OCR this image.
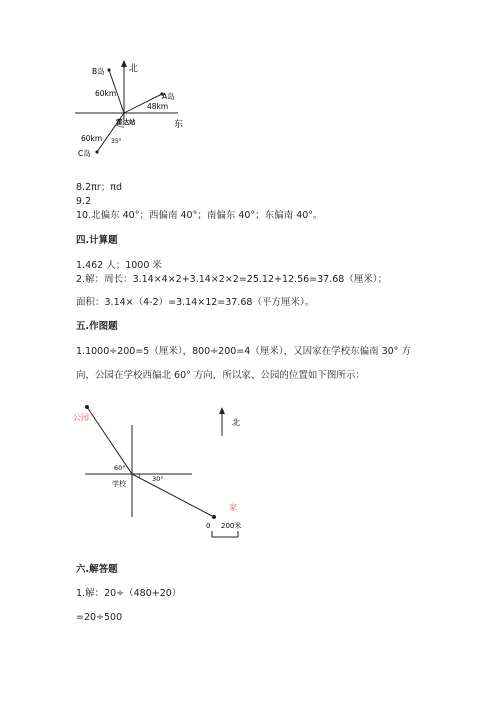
北
东
B岛
A岛
C岛
60km
48km
60km
雷达站
35°
8.2πr；πd
9.2
10.北偏东 40°；西偏南 40°；南偏东 40°；东偏南 40°。
四.计算题
1.462 人；1000 米
2.解：周长：3.14×4×2+3.14×2×2=25.12+12.56=37.68（厘米）；
面积：3.14×（4-2）=3.14×12=37.68（平方厘米）。
五.作图题
1.1000÷200=5（厘米），800÷200=4（厘米），又因家在学校东偏南 30° 方
向，公园在学校西偏北 60° 方向，所以家、公园的位置如下图所示：
北
公园
60°
30°
学校
家
0 200米
六.解答题
1.解：20÷（480+20）
=20÷500
